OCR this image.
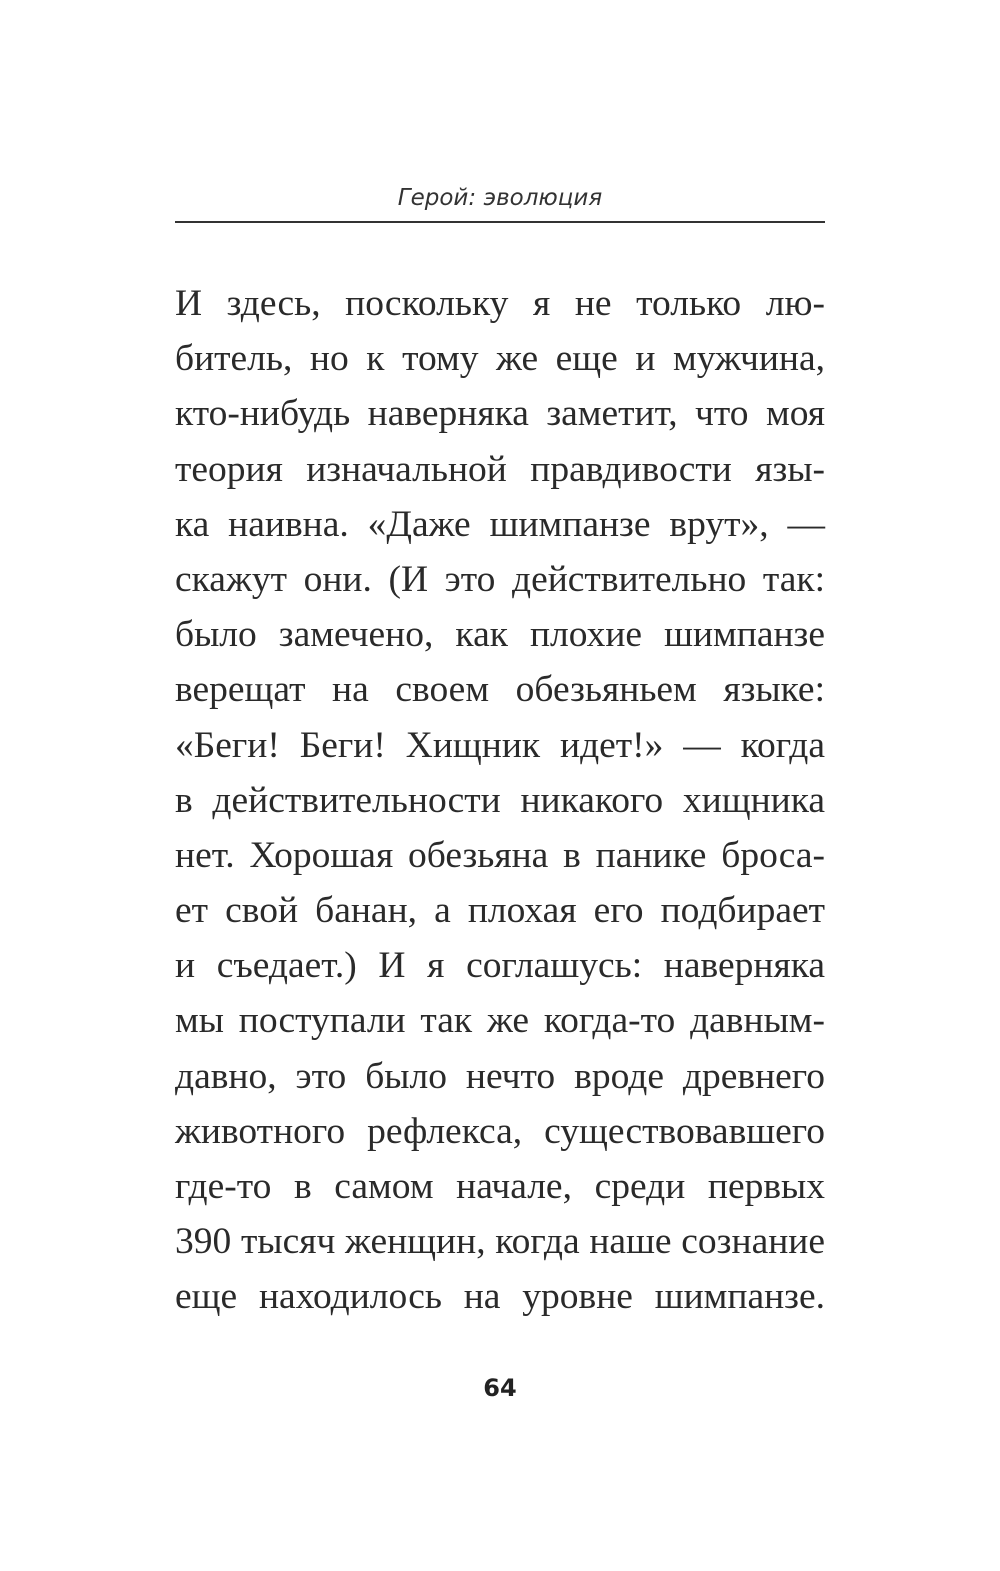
Герой: эволюция
И здесь, поскольку я не только лю-
битель, но к тому же еще и мужчина,
кто-нибудь наверняка заметит, что моя
теория изначальной правдивости язы-
ка наивна. «Даже шимпанзе врут», —
скажут они. (И это действительно так:
было замечено, как плохие шимпанзе
верещат на своем обезьяньем языке:
«Беги! Беги! Хищник идет!» — когда
в действительности никакого хищника
нет. Хорошая обезьяна в панике броса-
ет свой банан, а плохая его подбирает
и съедает.) И я соглашусь: наверняка
мы поступали так же когда-то давным-
давно, это было нечто вроде древнего
животного рефлекса, существовавшего
где-то в самом начале, среди первых
390 тысяч женщин, когда наше сознание
еще находилось на уровне шимпанзе.
64
